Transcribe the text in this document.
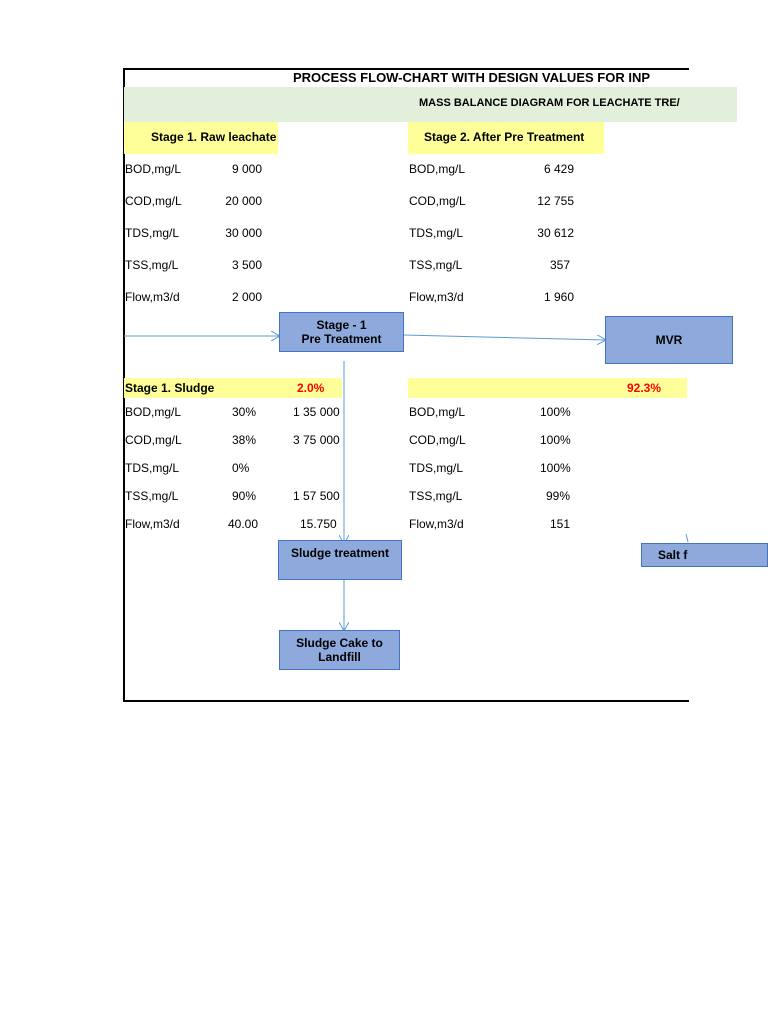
PROCESS FLOW-CHART WITH DESIGN VALUES FOR INP
MASS BALANCE DIAGRAM FOR LEACHATE TRE/
Stage 1. Raw leachate
BOD,mg/L	9 000
COD,mg/L	20 000
TDS,mg/L	30 000
TSS,mg/L	3 500
Flow,m3/d	2 000
Stage 2. After Pre Treatment
BOD,mg/L	6 429
COD,mg/L	12 755
TDS,mg/L	30 612
TSS,mg/L	357
Flow,m3/d	1 960
Stage - 1
Pre Treatment	MVR
Stage 1. Sludge	2.0%
BOD,mg/L	30%	1 35 000
COD,mg/L	38%	3 75 000
TDS,mg/L	0%
TSS,mg/L	90%	1 57 500
Flow,m3/d	40.00	15.750
92.3%
BOD,mg/L	100%
COD,mg/L	100%
TDS,mg/L	100%
TSS,mg/L	99%
Flow,m3/d	151
Sludge treatment
Sludge Cake to
Landfill
Salt f
